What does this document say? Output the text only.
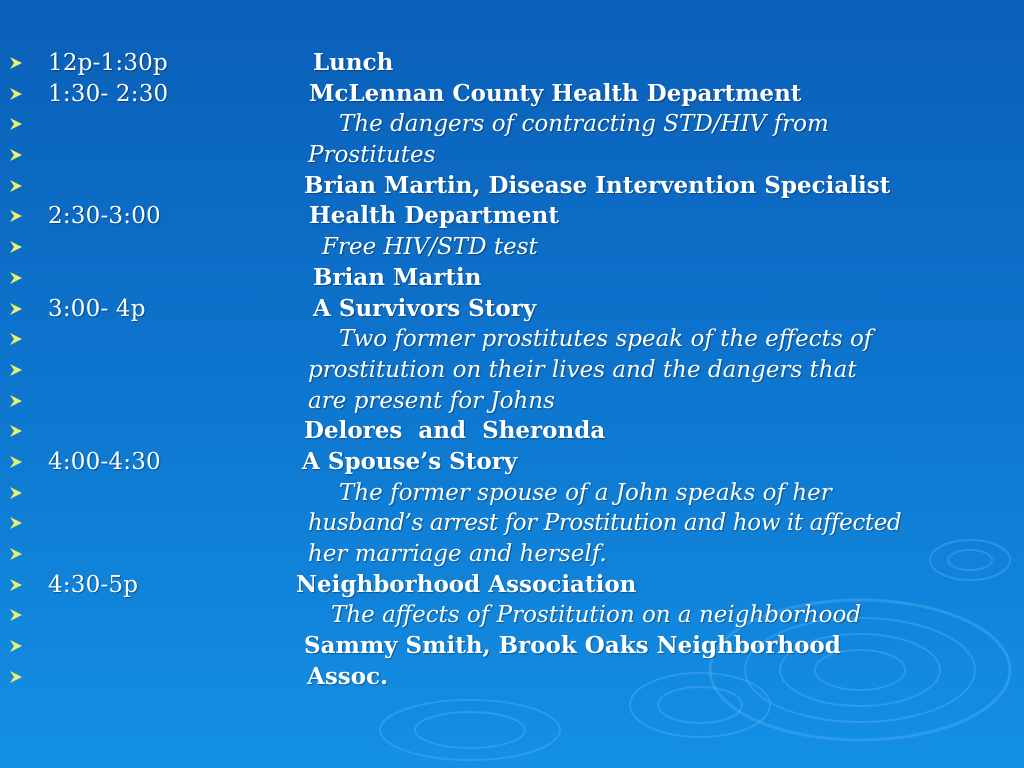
12p-1:30p	Lunch
1:30- 2:30	McLennan County Health Department
The dangers of contracting STD/HIV from
Prostitutes
Brian Martin, Disease Intervention Specialist
2:30-3:00	Health Department
Free HIV/STD test
Brian Martin
3:00- 4p	A Survivors Story
Two former prostitutes speak of the effects of
prostitution on their lives and the dangers that
are present for Johns
Delores  and  Sheronda
4:00-4:30	A Spouse’s Story
The former spouse of a John speaks of her
husband’s arrest for Prostitution and how it affected
her marriage and herself.
4:30-5p	Neighborhood Association
The affects of Prostitution on a neighborhood
Sammy Smith, Brook Oaks Neighborhood
Assoc.
